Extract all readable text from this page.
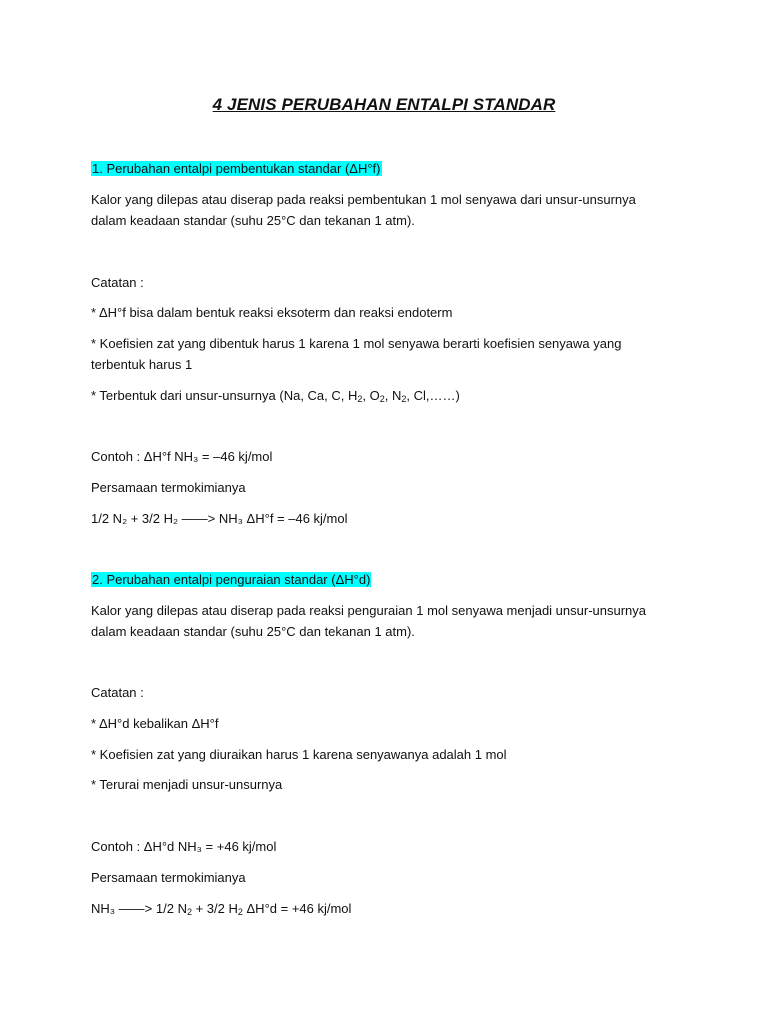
4 JENIS PERUBAHAN ENTALPI STANDAR
1. Perubahan entalpi pembentukan standar (ΔH°f)
Kalor yang dilepas atau diserap pada reaksi pembentukan 1 mol senyawa dari unsur-unsurnya
dalam keadaan standar (suhu 25°C dan tekanan 1 atm).
Catatan :
* ΔH°f bisa dalam bentuk reaksi eksoterm dan reaksi endoterm
* Koefisien zat yang dibentuk harus 1 karena 1 mol senyawa berarti koefisien senyawa yang
terbentuk harus 1
* Terbentuk dari unsur-unsurnya (Na, Ca, C, $H_2$, $O_2$, $N_2$, Cl,……)
Contoh : ΔH°f NH₃ = –46 kj/mol
Persamaan termokimianya
1/2 N₂ + 3/2 H₂ ——> NH₃ ΔH°f = –46 kj/mol
2. Perubahan entalpi penguraian standar (ΔH°d)
Kalor yang dilepas atau diserap pada reaksi penguraian 1 mol senyawa menjadi unsur-unsurnya
dalam keadaan standar (suhu 25°C dan tekanan 1 atm).
Catatan :
* ΔH°d kebalikan ΔH°f
* Koefisien zat yang diuraikan harus 1 karena senyawanya adalah 1 mol
* Terurai menjadi unsur-unsurnya
Contoh : ΔH°d NH₃ = +46 kj/mol
Persamaan termokimianya
NH₃ ——> 1/2 $N_2 + 3/2$ $H_2$ ΔH°d = +46 kj/mol
